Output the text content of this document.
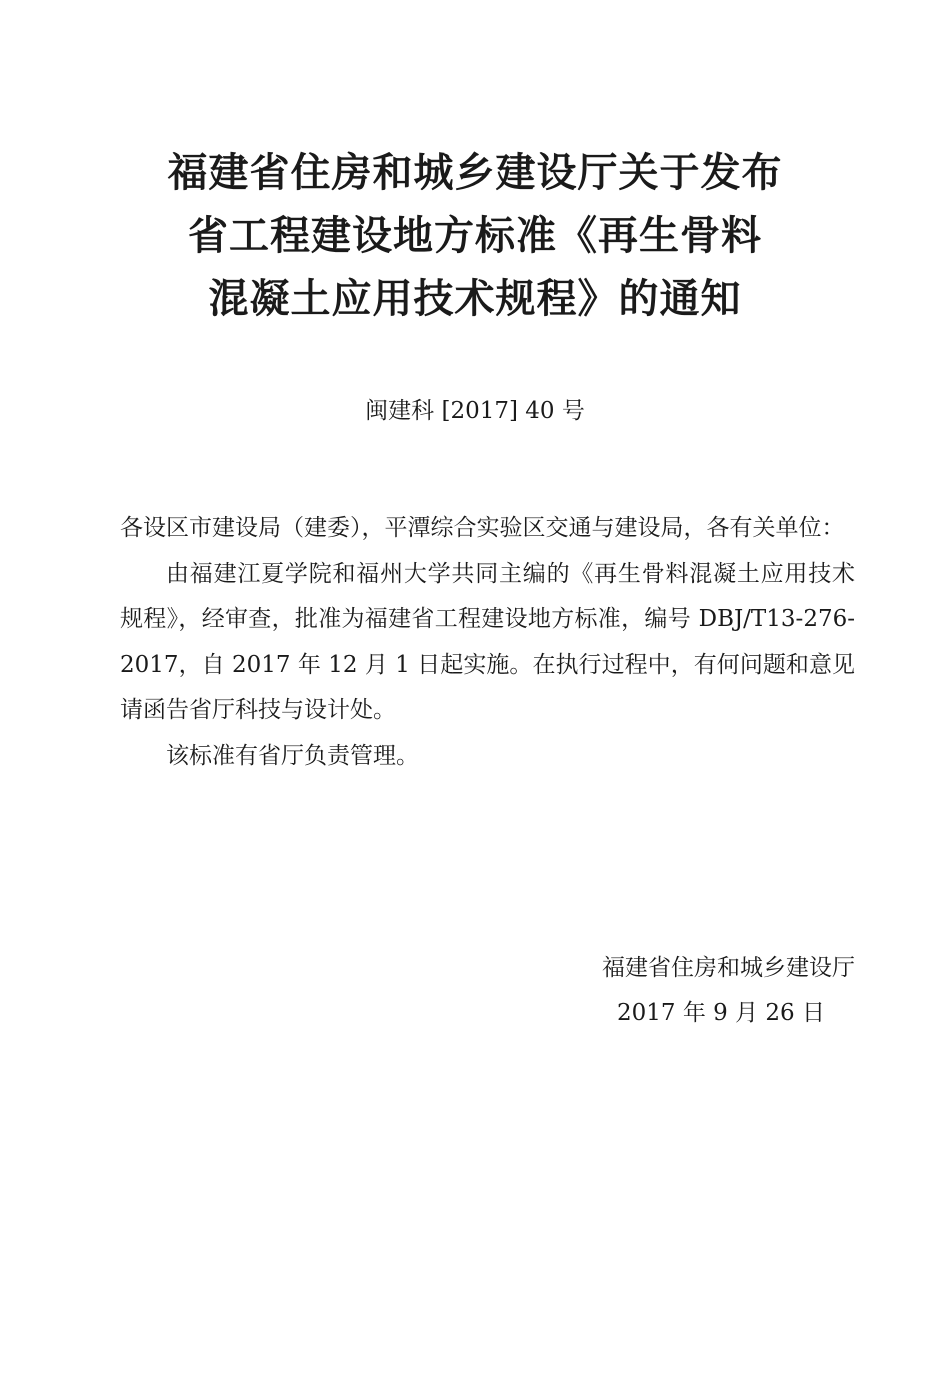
福建省住房和城乡建设厅关于发布
省工程建设地方标准《再生骨料
混凝土应用技术规程》的通知
闽建科 [2017] 40 号

各设区市建设局（建委），平潭综合实验区交通与建设局，各有关单位：

由福建江夏学院和福州大学共同主编的《再生骨料混凝土应用技术规程》，经审查，批准为福建省工程建设地方标准，编号 DBJ/T13-276-2017，自 2017 年 12 月 1 日起实施。在执行过程中，有何问题和意见请函告省厅科技与设计处。

该标准有省厅负责管理。

福建省住房和城乡建设厅
2017 年 9 月 26 日
